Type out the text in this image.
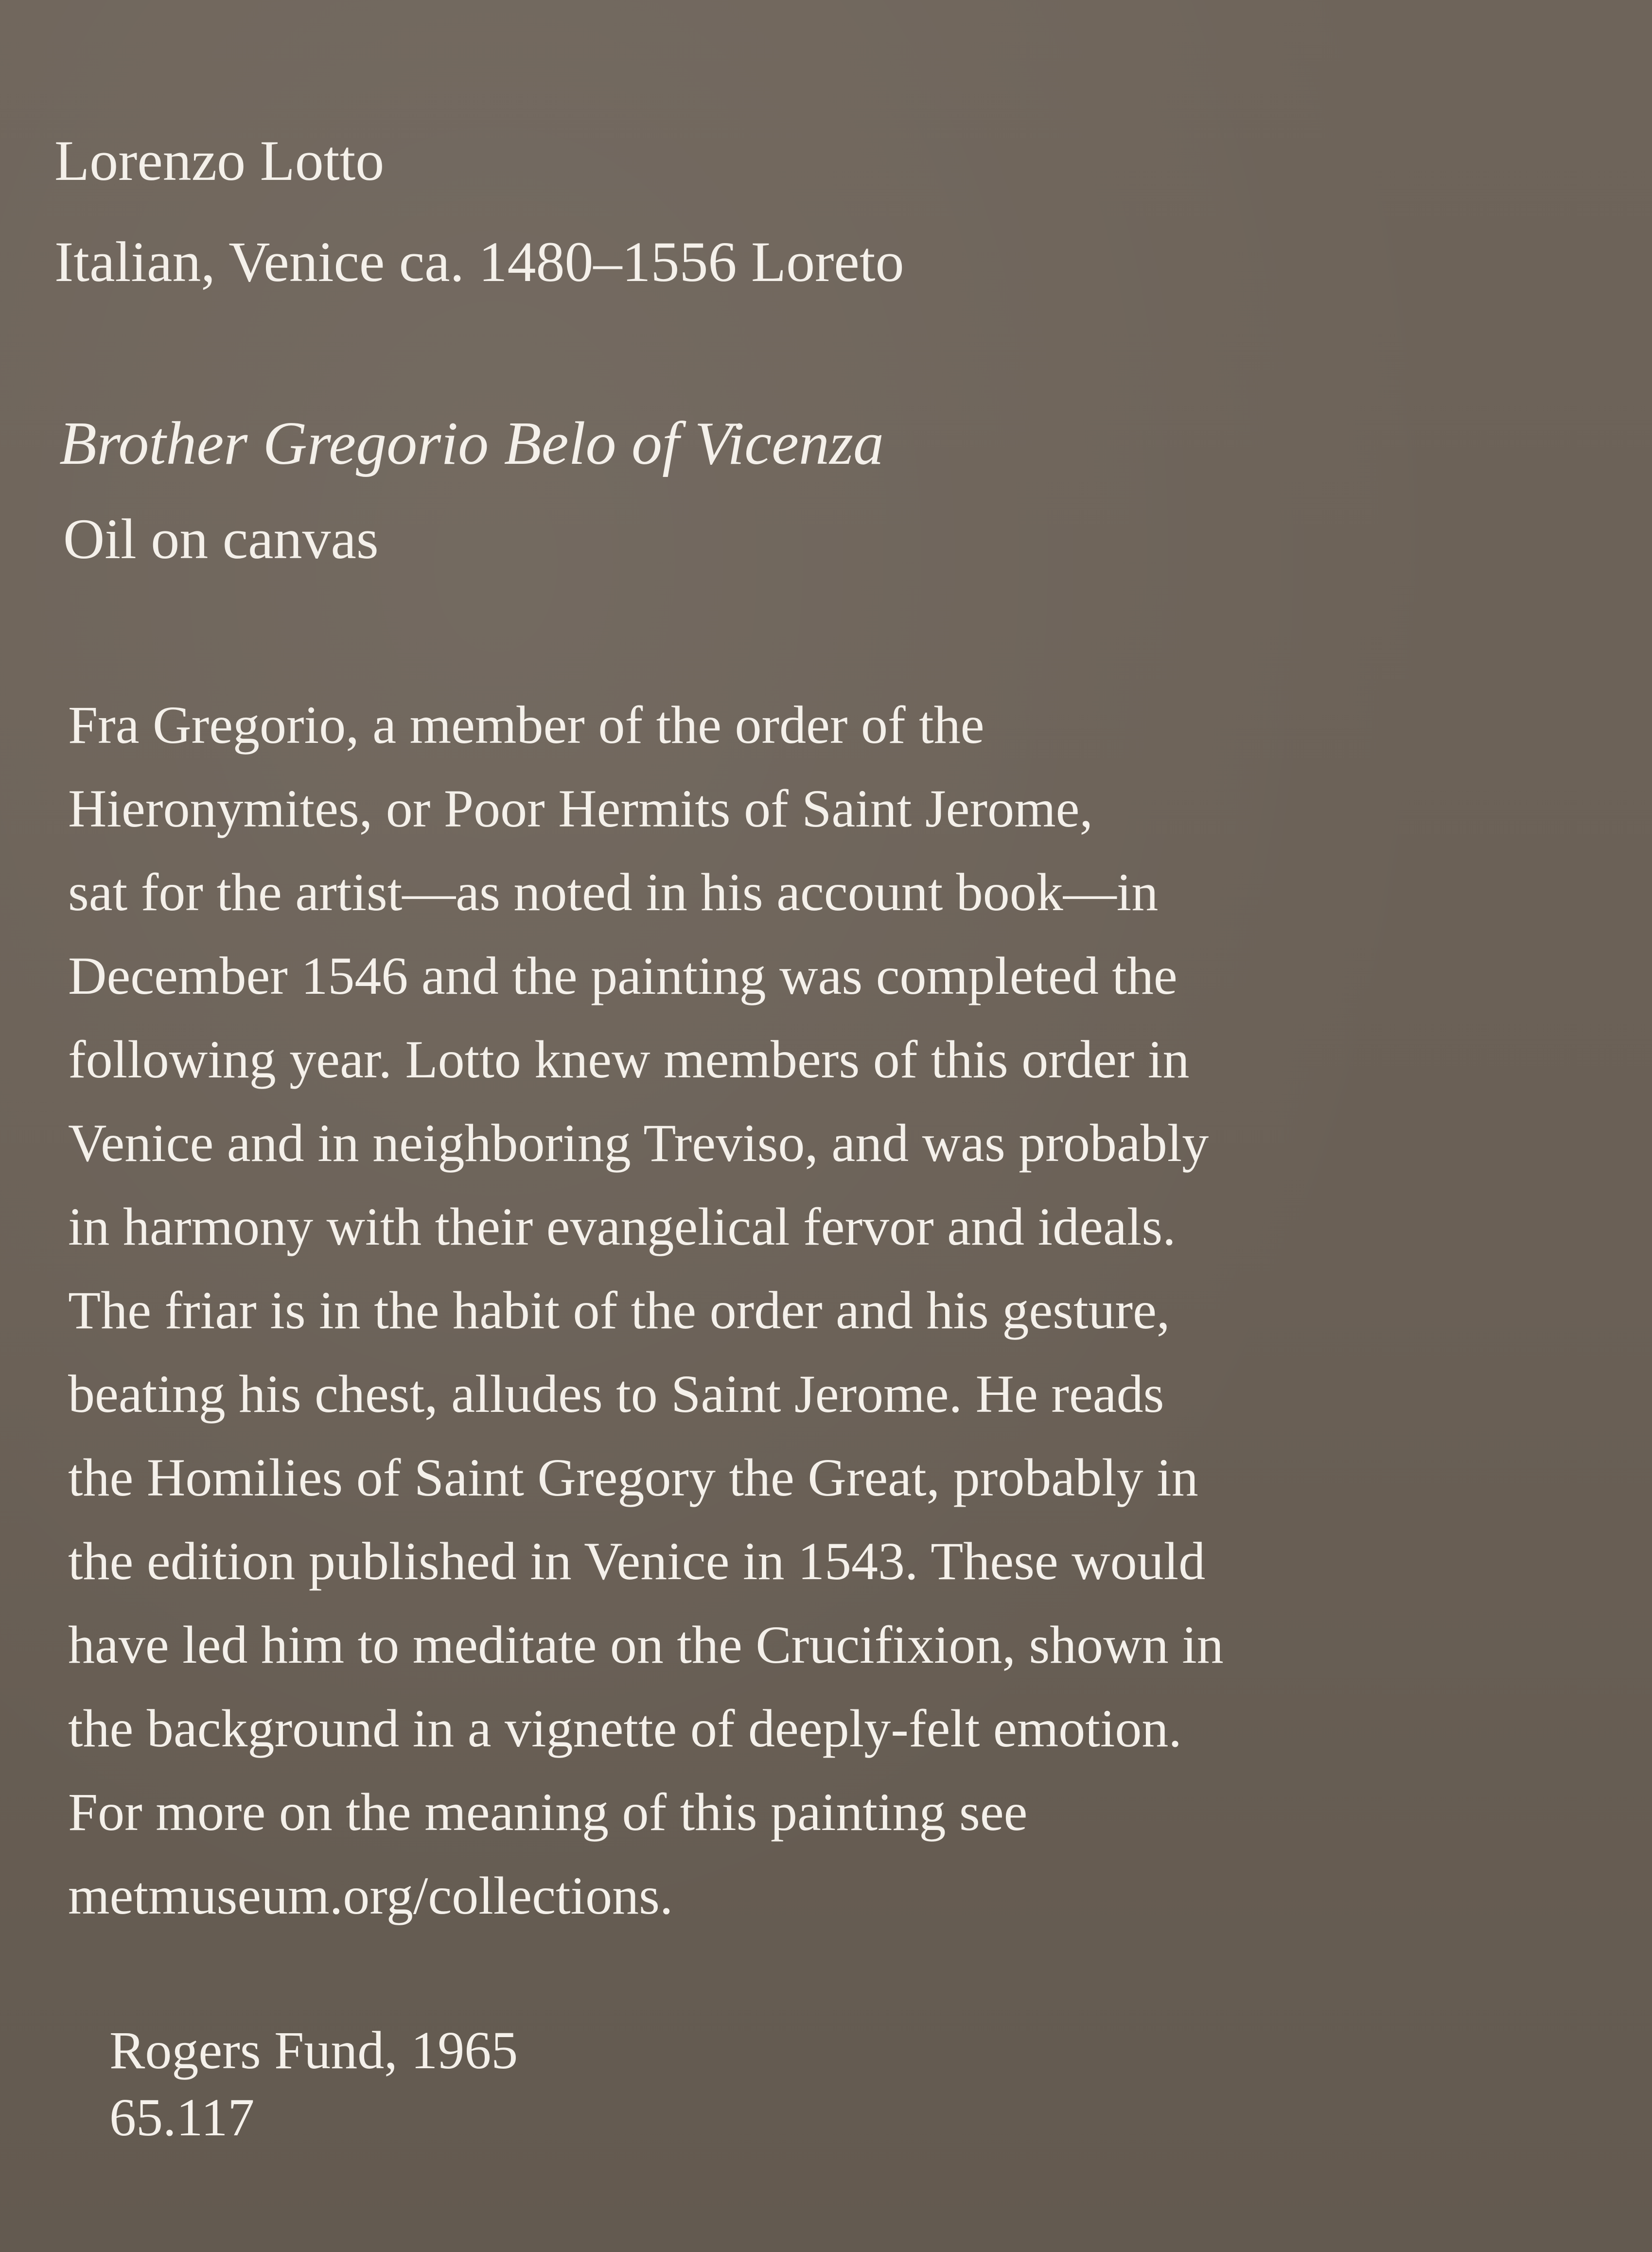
Lorenzo Lotto
Italian, Venice ca. 1480–1556 Loreto
Brother Gregorio Belo of Vicenza
Oil on canvas
Fra Gregorio, a member of the order of the
Hieronymites, or Poor Hermits of Saint Jerome,
sat for the artist—as noted in his account book—in
December 1546 and the painting was completed the
following year. Lotto knew members of this order in
Venice and in neighboring Treviso, and was probably
in harmony with their evangelical fervor and ideals.
The friar is in the habit of the order and his gesture,
beating his chest, alludes to Saint Jerome. He reads
the Homilies of Saint Gregory the Great, probably in
the edition published in Venice in 1543. These would
have led him to meditate on the Crucifixion, shown in
the background in a vignette of deeply-felt emotion.
For more on the meaning of this painting see
metmuseum.org/collections.
Rogers Fund, 1965
65.117
